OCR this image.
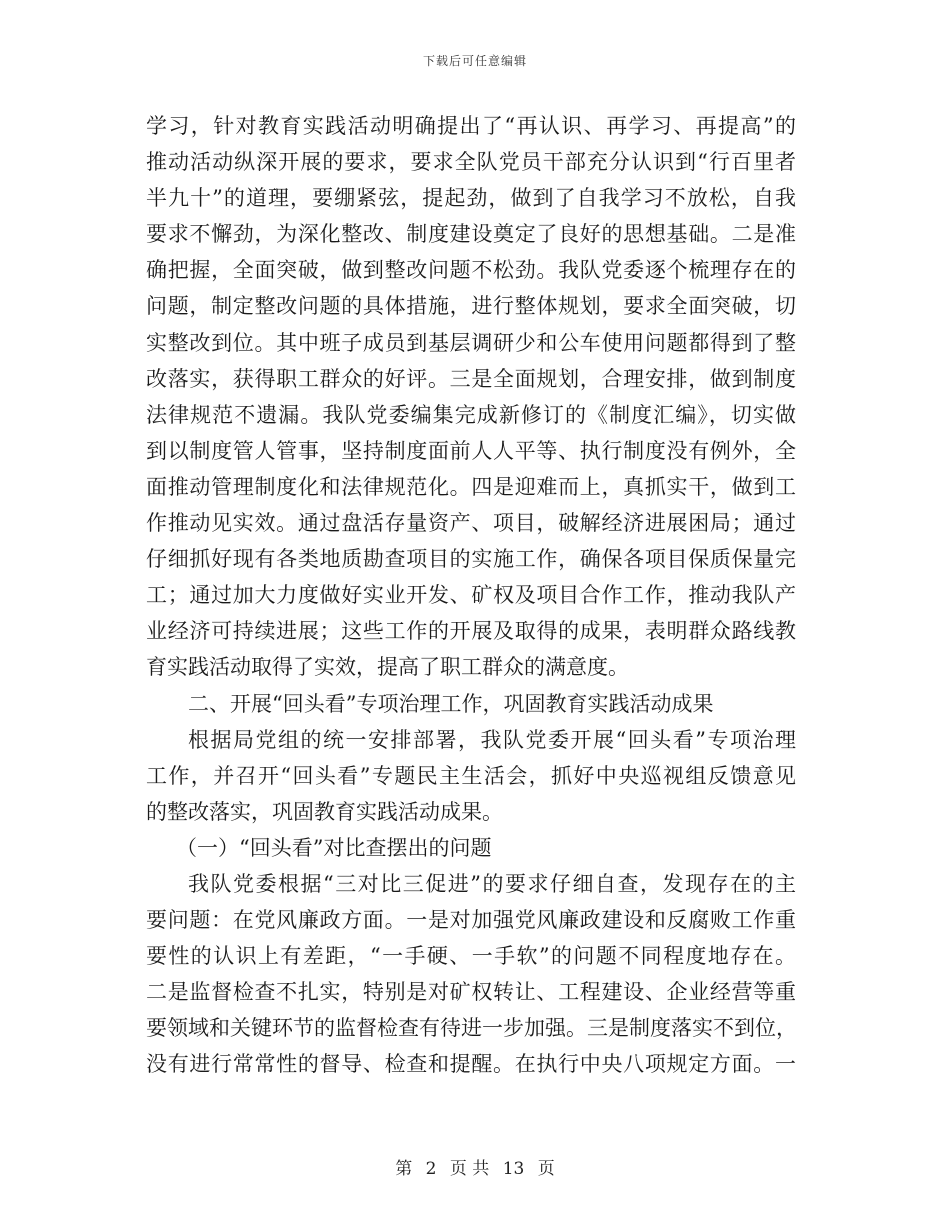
下载后可任意编辑
学习，针对教育实践活动明确提出了“再认识、再学习、再提高”的
推动活动纵深开展的要求，要求全队党员干部充分认识到“行百里者
半九十”的道理，要绷紧弦，提起劲，做到了自我学习不放松，自我
要求不懈劲，为深化整改、制度建设奠定了良好的思想基础。二是准
确把握，全面突破，做到整改问题不松劲。我队党委逐个梳理存在的
问题，制定整改问题的具体措施，进行整体规划，要求全面突破，切
实整改到位。其中班子成员到基层调研少和公车使用问题都得到了整
改落实，获得职工群众的好评。三是全面规划，合理安排，做到制度
法律规范不遗漏。我队党委编集完成新修订的《制度汇编》，切实做
到以制度管人管事，坚持制度面前人人平等、执行制度没有例外，全
面推动管理制度化和法律规范化。四是迎难而上，真抓实干，做到工
作推动见实效。通过盘活存量资产、项目，破解经济进展困局；通过
仔细抓好现有各类地质勘查项目的实施工作，确保各项目保质保量完
工；通过加大力度做好实业开发、矿权及项目合作工作，推动我队产
业经济可持续进展；这些工作的开展及取得的成果，表明群众路线教
育实践活动取得了实效，提高了职工群众的满意度。
二、开展“回头看”专项治理工作，巩固教育实践活动成果
根据局党组的统一安排部署，我队党委开展“回头看”专项治理
工作，并召开“回头看”专题民主生活会，抓好中央巡视组反馈意见
的整改落实，巩固教育实践活动成果。
（一）“回头看”对比查摆出的问题
我队党委根据“三对比三促进”的要求仔细自查，发现存在的主
要问题：在党风廉政方面。一是对加强党风廉政建设和反腐败工作重
要性的认识上有差距，“一手硬、一手软”的问题不同程度地存在。
二是监督检查不扎实，特别是对矿权转让、工程建设、企业经营等重
要领域和关键环节的监督检查有待进一步加强。三是制度落实不到位，
没有进行常常性的督导、检查和提醒。在执行中央八项规定方面。一
第 2 页 共 13 页
